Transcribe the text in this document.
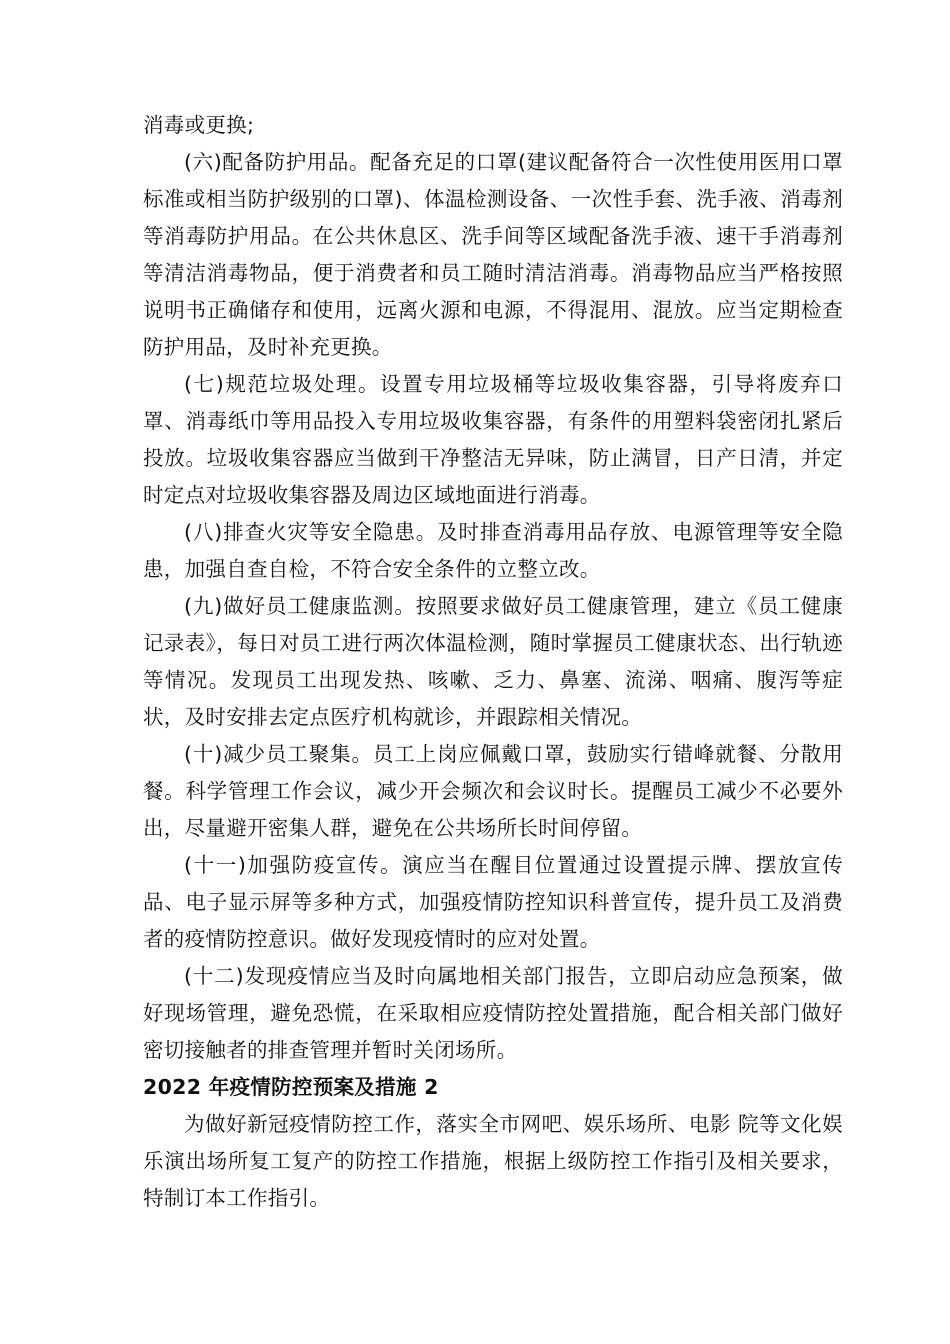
消毒或更换;

(六)配备防护用品。配备充足的口罩(建议配备符合一次性使用医用口罩标准或相当防护级别的口罩)、体温检测设备、一次性手套、洗手液、消毒剂等消毒防护用品。在公共休息区、洗手间等区域配备洗手液、速干手消毒剂等清洁消毒物品，便于消费者和员工随时清洁消毒。消毒物品应当严格按照说明书正确储存和使用，远离火源和电源，不得混用、混放。应当定期检查防护用品，及时补充更换。

(七)规范垃圾处理。设置专用垃圾桶等垃圾收集容器，引导将废弃口罩、消毒纸巾等用品投入专用垃圾收集容器，有条件的用塑料袋密闭扎紧后投放。垃圾收集容器应当做到干净整洁无异味，防止满冒，日产日清，并定时定点对垃圾收集容器及周边区域地面进行消毒。

(八)排查火灾等安全隐患。及时排查消毒用品存放、电源管理等安全隐患，加强自查自检，不符合安全条件的立整立改。

(九)做好员工健康监测。按照要求做好员工健康管理，建立《员工健康记录表》，每日对员工进行两次体温检测，随时掌握员工健康状态、出行轨迹等情况。发现员工出现发热、咳嗽、乏力、鼻塞、流涕、咽痛、腹泻等症状，及时安排去定点医疗机构就诊，并跟踪相关情况。

(十)减少员工聚集。员工上岗应佩戴口罩，鼓励实行错峰就餐、分散用餐。科学管理工作会议，减少开会频次和会议时长。提醒员工减少不必要外出，尽量避开密集人群，避免在公共场所长时间停留。

(十一)加强防疫宣传。演应当在醒目位置通过设置提示牌、摆放宣传品、电子显示屏等多种方式，加强疫情防控知识科普宣传，提升员工及消费者的疫情防控意识。做好发现疫情时的应对处置。

(十二)发现疫情应当及时向属地相关部门报告，立即启动应急预案，做好现场管理，避免恐慌，在采取相应疫情防控处置措施，配合相关部门做好密切接触者的排查管理并暂时关闭场所。

2022 年疫情防控预案及措施 2

为做好新冠疫情防控工作，落实全市网吧、娱乐场所、电影 院等文化娱乐演出场所复工复产的防控工作措施，根据上级防控工作指引及相关要求，特制订本工作指引。
